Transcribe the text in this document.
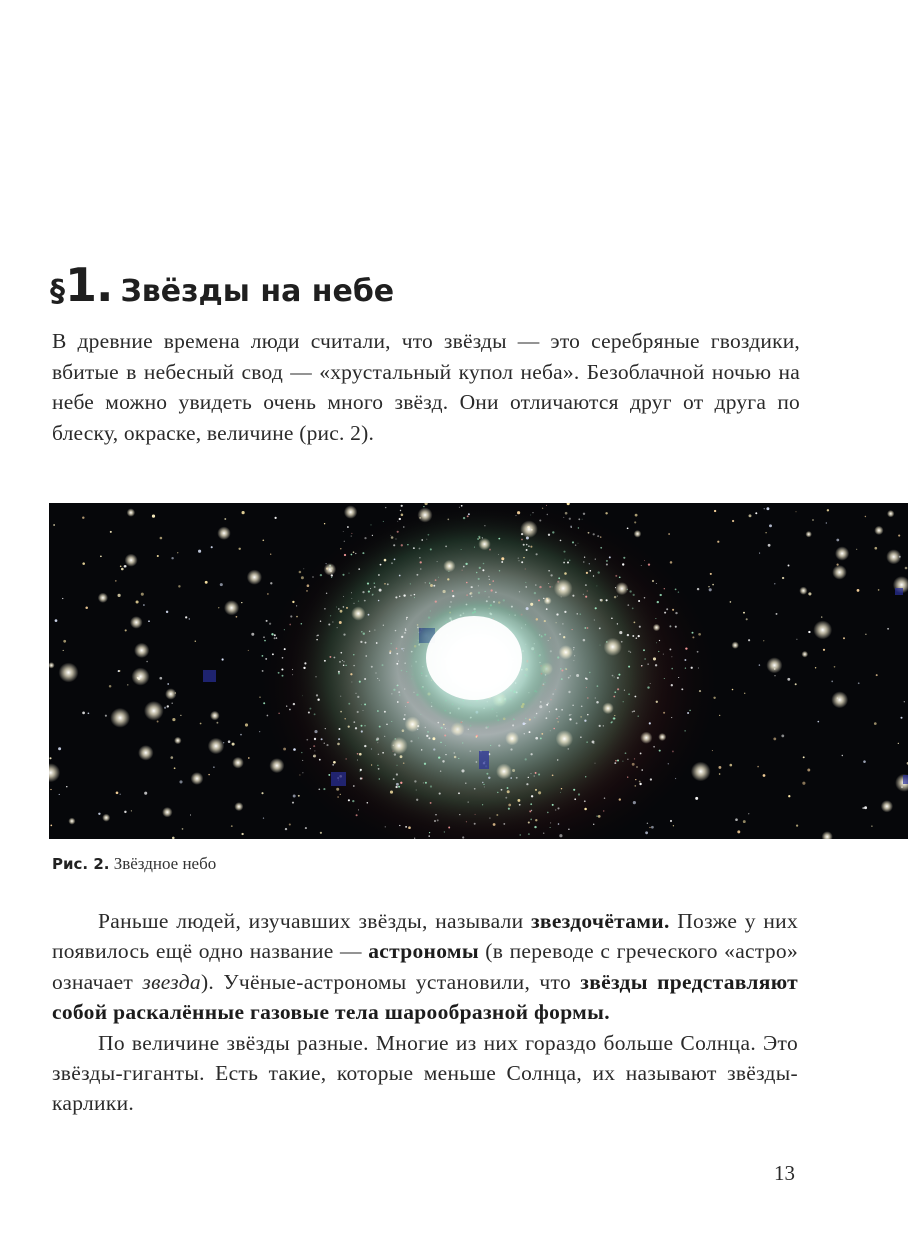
§1. Звёзды на небе

В древние времена люди считали, что звёзды — это серебряные гвоздики, вбитые в небесный свод — «хрустальный купол неба». Безоблачной ночью на небе можно увидеть очень много звёзд. Они отличаются друг от друга по блеску, окраске, величине (рис. 2).

Рис. 2. Звёздное небо

Раньше людей, изучавших звёзды, называли звездочётами. Позже у них появилось ещё одно название — астрономы (в переводе с греческого «астро» означает звезда). Учёные-астрономы установили, что звёзды представляют собой раскалённые газовые тела шарообразной формы.

По величине звёзды разные. Многие из них гораздо больше Солнца. Это звёзды-гиганты. Есть такие, которые меньше Солнца, их называют звёзды-карлики.

13
